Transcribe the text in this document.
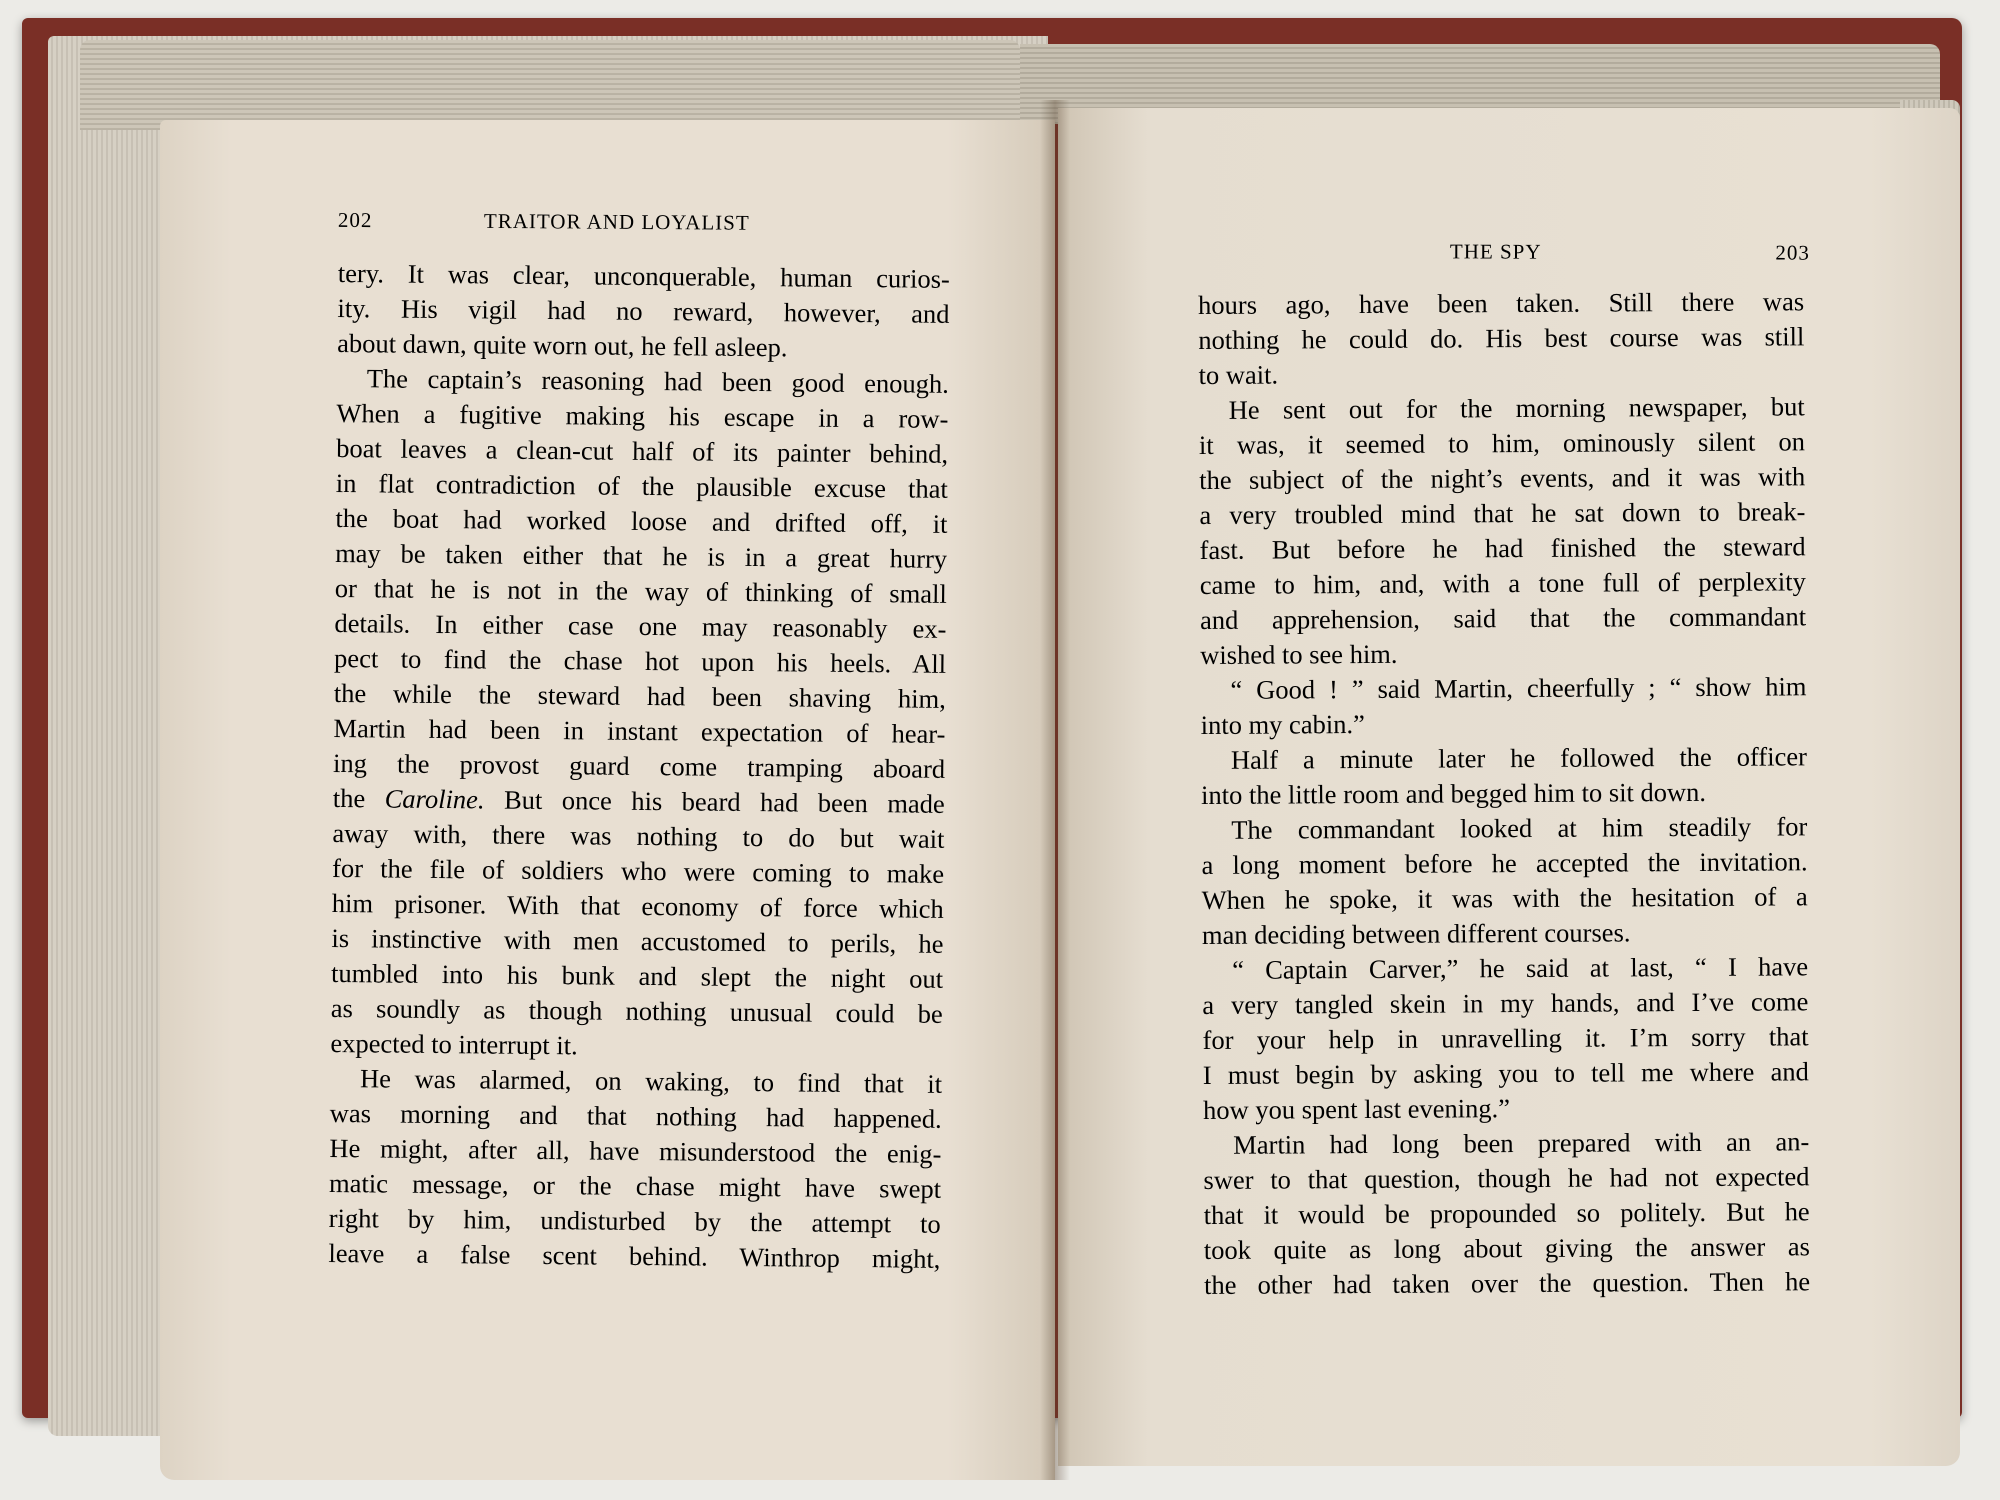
202	TRAITOR AND LOYALIST
THE SPY	203
tery. It was clear, unconquerable, human curios-
ity. His vigil had no reward, however, and
about dawn, quite worn out, he fell asleep.
The captain’s reasoning had been good enough.
When a fugitive making his escape in a row-
boat leaves a clean-cut half of its painter behind,
in flat contradiction of the plausible excuse that
the boat had worked loose and drifted off, it
may be taken either that he is in a great hurry
or that he is not in the way of thinking of small
details. In either case one may reasonably ex-
pect to find the chase hot upon his heels. All
the while the steward had been shaving him,
Martin had been in instant expectation of hear-
ing the provost guard come tramping aboard
the Caroline. But once his beard had been made
away with, there was nothing to do but wait
for the file of soldiers who were coming to make
him prisoner. With that economy of force which
is instinctive with men accustomed to perils, he
tumbled into his bunk and slept the night out
as soundly as though nothing unusual could be
expected to interrupt it.
He was alarmed, on waking, to find that it
was morning and that nothing had happened.
He might, after all, have misunderstood the enig-
matic message, or the chase might have swept
right by him, undisturbed by the attempt to
leave a false scent behind. Winthrop might,
hours ago, have been taken. Still there was
nothing he could do. His best course was still
to wait.
He sent out for the morning newspaper, but
it was, it seemed to him, ominously silent on
the subject of the night’s events, and it was with
a very troubled mind that he sat down to break-
fast. But before he had finished the steward
came to him, and, with a tone full of perplexity
and apprehension, said that the commandant
wished to see him.
“ Good ! ” said Martin, cheerfully ; “ show him
into my cabin.”
Half a minute later he followed the officer
into the little room and begged him to sit down.
The commandant looked at him steadily for
a long moment before he accepted the invitation.
When he spoke, it was with the hesitation of a
man deciding between different courses.
“ Captain Carver,” he said at last, “ I have
a very tangled skein in my hands, and I’ve come
for your help in unravelling it. I’m sorry that
I must begin by asking you to tell me where and
how you spent last evening.”
Martin had long been prepared with an an-
swer to that question, though he had not expected
that it would be propounded so politely. But he
took quite as long about giving the answer as
the other had taken over the question. Then he
